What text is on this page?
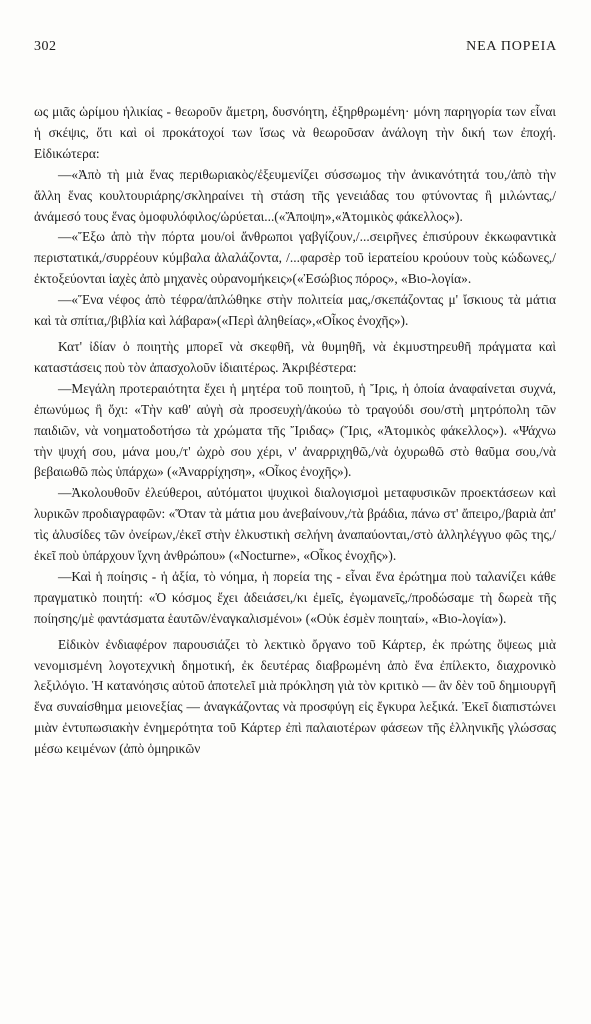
302	ΝΕΑ ΠΟΡΕΙΑ

ως μιᾶς ὡρίμου ἡλικίας - θεωροῦν ἄμετρη, δυσνόητη, ἐξηρθρωμένη· μόνη παρηγορία των εἶναι ἡ σκέψις, ὅτι καὶ οἱ προκάτοχοί των ἴσως νὰ θεωροῦσαν ἀνάλογη τὴν δική των ἐποχή. Εἰδικώτερα:

—«Ἀπὸ τὴ μιὰ ἕνας περιθωριακὸς/ἐξευμενίζει σύσσωμος τὴν ἀνικανότητά του,/ἀπὸ τὴν ἄλλη ἕνας κουλτουριάρης/σκληραίνει τὴ στάση τῆς γενειάδας του φτύνοντας ἢ μιλώντας,/ἀνάμεσό τους ἕνας ὁμοφυλόφιλος/ὡρύεται...(«Ἄποψη»,«Ἀτομικὸς φάκελλος»).

—«Ἔξω ἀπὸ τὴν πόρτα μου/οἱ ἄνθρωποι γαβγίζουν,/...σειρῆνες ἐπισύρουν ἐκκωφαντικὰ περιστατικά,/συρρέουν κύμβαλα ἀλαλάζοντα, /...φαρσὲρ τοῦ ἱερατείου κρούουν τοὺς κώδωνες,/ἐκτοξεύονται ἰαχὲς ἀπὸ μηχανὲς οὐρανομήκεις»(«Ἐσώβιος πόρος», «Βιο-λογία».

—«Ἕνα νέφος ἀπὸ τέφρα/ἁπλώθηκε στὴν πολιτεία μας,/σκεπάζοντας μ' ἴσκιους τὰ μάτια καὶ τὰ σπίτια,/βιβλία καὶ λάβαρα»(«Περὶ ἀληθείας»,«Οἶκος ἐνοχῆς»).

Κατ' ἰδίαν ὁ ποιητὴς μπορεῖ νὰ σκεφθῆ, νὰ θυμηθῆ, νὰ ἐκμυστηρευθῆ πράγματα καὶ καταστάσεις ποὺ τὸν ἀπασχολοῦν ἰδιαιτέρως. Ἀκριβέστερα:

—Μεγάλη προτεραιότητα ἔχει ἡ μητέρα τοῦ ποιητοῦ, ἡ Ἴρις, ἡ ὁποία ἀναφαίνεται συχνά, ἐπωνύμως ἢ ὄχι: «Τὴν καθ' αὐγὴ σὰ προσευχὴ/ἀκούω τὸ τραγούδι σου/στὴ μητρόπολη τῶν παιδιῶν, νὰ νοηματοδοτήσω τὰ χρώματα τῆς Ἴριδας» (Ἴρις, «Ἀτομικὸς φάκελλος»). «Ψάχνω τὴν ψυχή σου, μάνα μου,/τ' ὠχρὸ σου χέρι, ν' ἀναρριχηθῶ,/νὰ ὀχυρωθῶ στὸ θαῦμα σου,/νὰ βεβαιωθῶ πὼς ὑπάρχω» («Ἀναρρίχηση», «Οἶκος ἐνοχῆς»).

—Ἀκολουθοῦν ἐλεύθεροι, αὐτόματοι ψυχικοὶ διαλογισμοὶ μεταφυσικῶν προεκτάσεων καὶ λυρικῶν προδιαγραφῶν: «Ὅταν τὰ μάτια μου ἀνεβαίνουν,/τὰ βράδια, πάνω στ' ἄπειρο,/βαριὰ ἀπ' τὶς ἁλυσίδες τῶν ὀνείρων,/ἐκεῖ στὴν ἑλκυστικὴ σελήνη ἀναπαύονται,/στὸ ἀλληλέγγυο φῶς της,/ἐκεῖ ποὺ ὑπάρχουν ἴχνη ἀνθρώπου» («Nocturne», «Οἶκος ἐνοχῆς»).

—Καὶ ἡ ποίησις - ἡ ἀξία, τὸ νόημα, ἡ πορεία της - εἶναι ἕνα ἐρώτημα ποὺ ταλανίζει κάθε πραγματικὸ ποιητή: «Ὁ κόσμος ἔχει ἀδειάσει,/κι ἐμεῖς, ἐγωμανεῖς,/προδώσαμε τὴ δωρεὰ τῆς ποίησης/μὲ φαντάσματα ἑαυτῶν/ἐναγκαλισμένοι» («Οὐκ ἐσμὲν ποιηταί», «Βιο-λογία»).

Εἰδικὸν ἐνδιαφέρον παρουσιάζει τὸ λεκτικὸ ὄργανο τοῦ Κάρτερ, ἐκ πρώτης ὄψεως μιὰ νενομισμένη λογοτεχνικὴ δημοτική, ἐκ δευτέρας διαβρωμένη ἀπὸ ἕνα ἐπίλεκτο, διαχρονικὸ λεξιλόγιο. Ἡ κατανόησις αὐτοῦ ἀποτελεῖ μιὰ πρόκληση γιὰ τὸν κριτικὸ — ἂν δὲν τοῦ δημιουργῆ ἕνα συναίσθημα μειονεξίας — ἀναγκάζοντας νὰ προσφύγη εἰς ἔγκυρα λεξικά. Ἐκεῖ διαπιστώνει μιὰν ἐντυπωσιακὴν ἐνημερότητα τοῦ Κάρτερ ἐπὶ παλαιοτέρων φάσεων τῆς ἑλληνικῆς γλώσσας μέσω κειμένων (ἀπὸ ὁμηρικῶν
